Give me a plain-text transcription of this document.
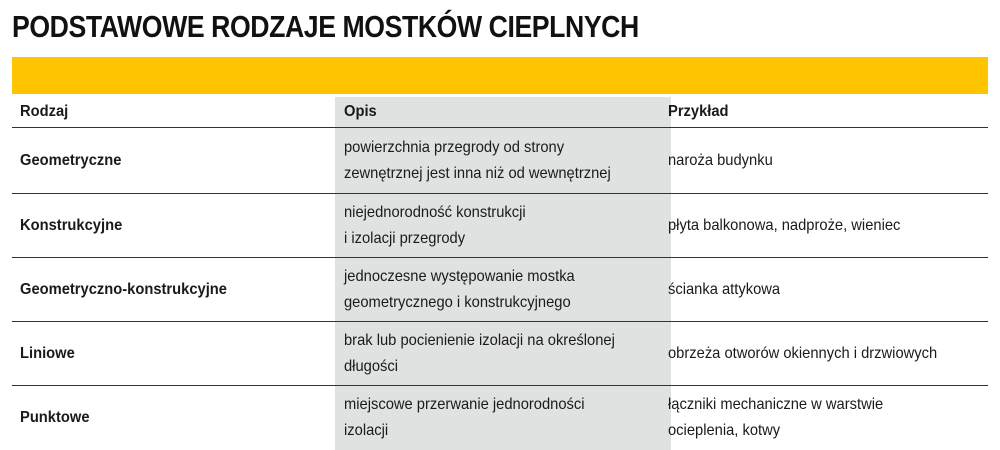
PODSTAWOWE RODZAJE MOSTKÓW CIEPLNYCH
Rodzaj	Opis	Przykład
Geometryczne
powierzchnia przegrody od strony
zewnętrznej jest inna niż od wewnętrznej
naroża budynku
Konstrukcyjne
niejednorodność konstrukcji
i izolacji przegrody
płyta balkonowa, nadproże, wieniec
Geometryczno-konstrukcyjne
jednoczesne występowanie mostka
geometrycznego i konstrukcyjnego
ścianka attykowa
Liniowe
brak lub pocienienie izolacji na określonej
długości
obrzeża otworów okiennych i drzwiowych
Punktowe
miejscowe przerwanie jednorodności
izolacji
łączniki mechaniczne w warstwie
ocieplenia, kotwy
